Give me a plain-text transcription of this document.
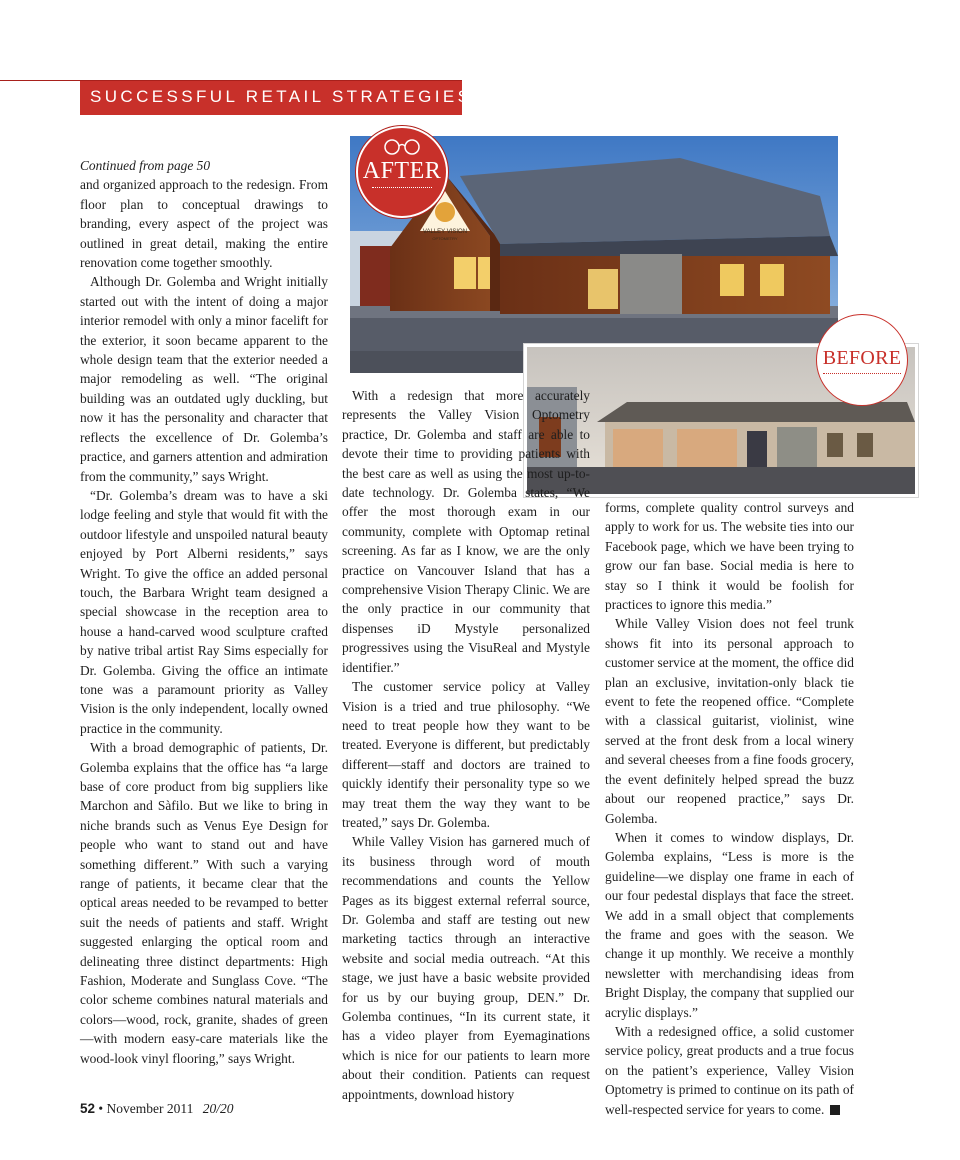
SUCCESSFUL RETAIL STRATEGIES
VALLEY VISION
OPTOMETRY
AFTER
BEFORE

Continued from page 50

and organized approach to the redesign. From floor plan to conceptual drawings to branding, every aspect of the project was outlined in great detail, making the entire renovation come together smoothly.

Although Dr. Golemba and Wright initially started out with the intent of doing a major interior remodel with only a minor facelift for the exterior, it soon became apparent to the whole design team that the exterior needed a major remodeling as well. “The original building was an outdated ugly duckling, but now it has the personality and character that reflects the excellence of Dr. Golemba’s practice, and garners attention and admiration from the community,” says Wright.

“Dr. Golemba’s dream was to have a ski lodge feeling and style that would fit with the outdoor lifestyle and unspoiled natural beauty enjoyed by Port Alberni residents,” says Wright. To give the office an added personal touch, the Barbara Wright team designed a special showcase in the reception area to house a hand-carved wood sculpture crafted by native tribal artist Ray Sims especially for Dr. Golemba. Giving the office an intimate tone was a paramount priority as Valley Vision is the only independent, locally owned practice in the community.

With a broad demographic of patients, Dr. Golemba explains that the office has “a large base of core product from big suppliers like Marchon and Sàfilo. But we like to bring in niche brands such as Venus Eye Design for people who want to stand out and have something different.” With such a varying range of patients, it became clear that the optical areas needed to be revamped to better suit the needs of patients and staff. Wright suggested enlarging the optical room and delineating three distinct departments: High Fashion, Moderate and Sunglass Cove. “The color scheme combines natural materials and colors—wood, rock, granite, shades of green—with modern easy-care materials like the wood-look vinyl flooring,” says Wright.

With a redesign that more accurately represents the Valley Vision Optometry practice, Dr. Golemba and staff are able to devote their time to providing patients with the best care as well as using the most up-to-date technology. Dr. Golemba states, “We offer the most thorough exam in our community, complete with Optomap retinal screening. As far as I know, we are the only practice on Vancouver Island that has a comprehensive Vision Therapy Clinic. We are the only practice in our community that dispenses iD Mystyle personalized progressives using the VisuReal and Mystyle identifier.”

The customer service policy at Valley Vision is a tried and true philosophy. “We need to treat people how they want to be treated. Everyone is different, but predictably different—staff and doctors are trained to quickly identify their personality type so we may treat them the way they want to be treated,” says Dr. Golemba.

While Valley Vision has garnered much of its business through word of mouth recommendations and counts the Yellow Pages as its biggest external referral source, Dr. Golemba and staff are testing out new marketing tactics through an interactive website and social media outreach. “At this stage, we just have a basic website provided for us by our buying group, DEN.” Dr. Golemba continues, “In its current state, it has a video player from Eyemaginations which is nice for our patients to learn more about their condition. Patients can request appointments, download history

forms, complete quality control surveys and apply to work for us. The website ties into our Facebook page, which we have been trying to grow our fan base. Social media is here to stay so I think it would be foolish for practices to ignore this media.”

While Valley Vision does not feel trunk shows fit into its personal approach to customer service at the moment, the office did plan an exclusive, invitation-only black tie event to fete the reopened office. “Complete with a classical guitarist, violinist, wine served at the front desk from a local winery and several cheeses from a fine foods grocery, the event definitely helped spread the buzz about our reopened practice,” says Dr. Golemba.

When it comes to window displays, Dr. Golemba explains, “Less is more is the guideline—we display one frame in each of our four pedestal displays that face the street. We add in a small object that complements the frame and goes with the season. We change it up monthly. We receive a monthly newsletter with merchandising ideas from Bright Display, the company that supplied our acrylic displays.”

With a redesigned office, a solid customer service policy, great products and a true focus on the patient’s experience, Valley Vision Optometry is primed to continue on its path of well-respected service for years to come.

52 • November 2011 20/20
